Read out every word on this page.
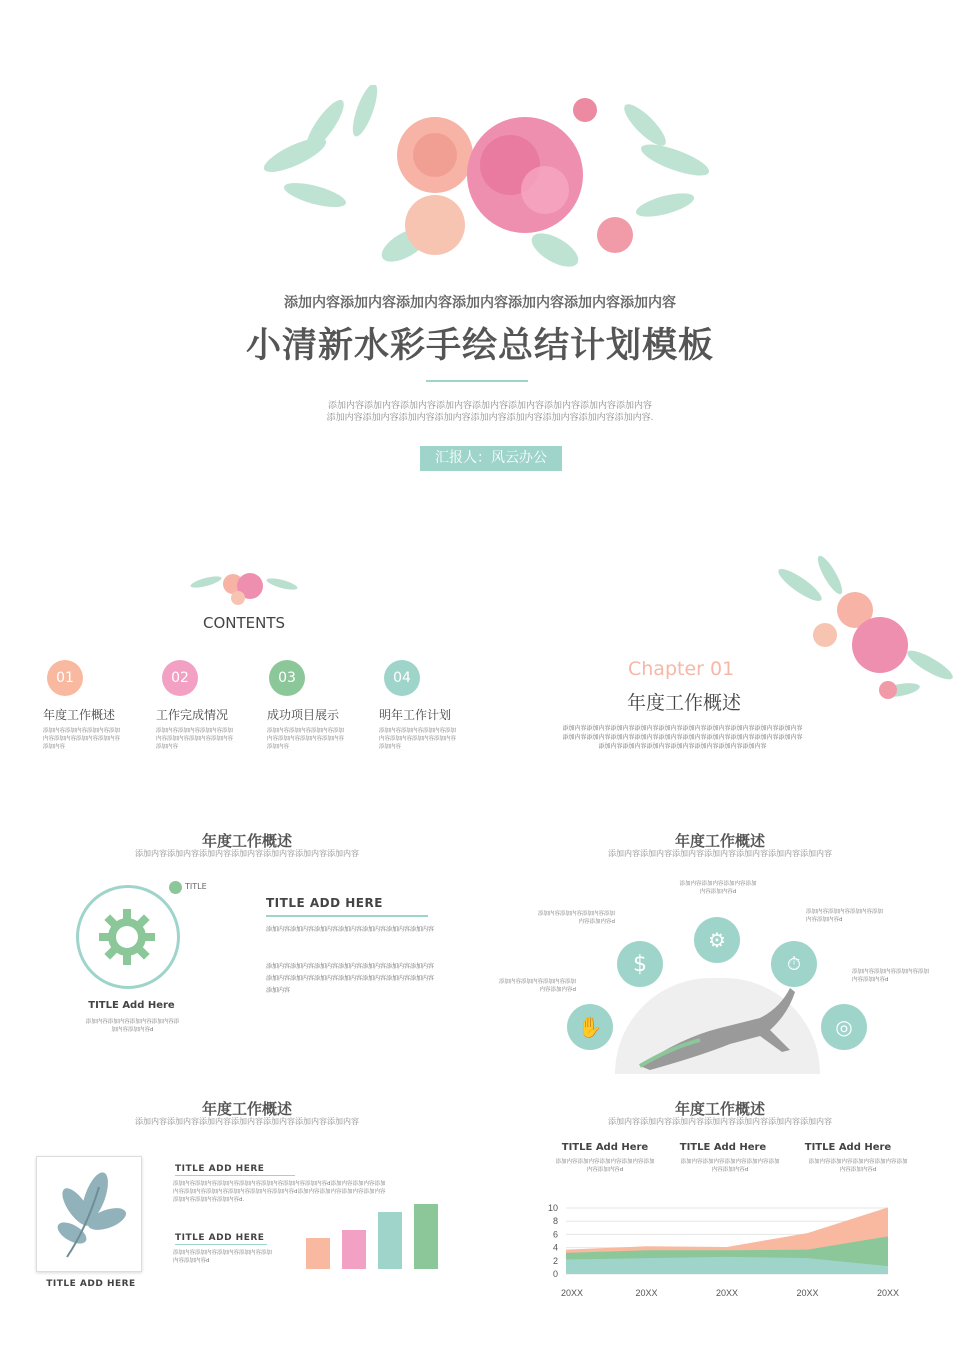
添加内容添加内容添加内容添加内容添加内容添加内容添加内容
小清新水彩手绘总结计划模板
添加内容添加内容添加内容添加内容添加内容添加内容添加内容添加内容添加内容
添加内容添加内容添加内容添加内容添加内容添加内容添加内容添加内容添加内容.
汇报人：风云办公
CONTENTS
01
年度工作概述
添加内容添加内容添加内容添加内容添加内容添加内容添加内容添加内容
02
工作完成情况
添加内容添加内容添加内容添加内容添加内容添加内容添加内容添加内容
03
成功项目展示
添加内容添加内容添加内容添加内容添加内容添加内容添加内容添加内容
04
明年工作计划
添加内容添加内容添加内容添加内容添加内容添加内容添加内容添加内容
Chapter 01
年度工作概述
添加内容添加内容添加内容添加内容添加内容添加内容添加内容添加内容添加内容添加内容
添加内容添加内容添加内容添加内容添加内容添加内容添加内容添加内容添加内容添加内容
添加内容添加内容添加内容添加内容添加内容添加内容添加内容
年度工作概述
添加内容添加内容添加内容添加内容添加内容添加内容添加内容
TITLE
TITLE Add Here
添加内容添加内容添加内容添加内容添加内容添加内容d
TITLE ADD HERE
添加内容添加内容添加内容添加内容添加内容添加内容添加内容
添加内容添加内容添加内容添加内容添加内容添加内容添加内容 添加内容添加内容添加内容添加内容添加内容添加内容添加内容添加内容
年度工作概述
添加内容添加内容添加内容添加内容添加内容添加内容添加内容
✋
$
⚙
⏱
◎
添加内容添加内容添加内容添加内容添加内容d
添加内容添加内容添加内容添加内容添加内容d
添加内容添加内容添加内容添加内容添加内容d
添加内容添加内容添加内容添加内容添加内容d
添加内容添加内容添加内容添加内容添加内容d
年度工作概述
添加内容添加内容添加内容添加内容添加内容添加内容添加内容
TITLE ADD HERE
TITLE ADD HERE
添加内容添加内容添加内容添加内容添加内容添加内容添加内容d添加内容添加内容添加内容添加内容添加内容添加内容添加内容添加内容d添加内容添加内容添加内容添加内容添加内容添加内容添加内容d.
TITLE ADD HERE
添加内容添加内容添加内容添加内容添加内容添加内容d
年度工作概述
添加内容添加内容添加内容添加内容添加内容添加内容添加内容
TITLE Add Here
添加内容添加内容添加内容添加内容添加内容添加内容d
TITLE Add Here
添加内容添加内容添加内容添加内容添加内容添加内容d
TITLE Add Here
添加内容添加内容添加内容添加内容添加内容添加内容d
0
2
4
6
8
10
20XX	20XX	20XX	20XX	20XX
